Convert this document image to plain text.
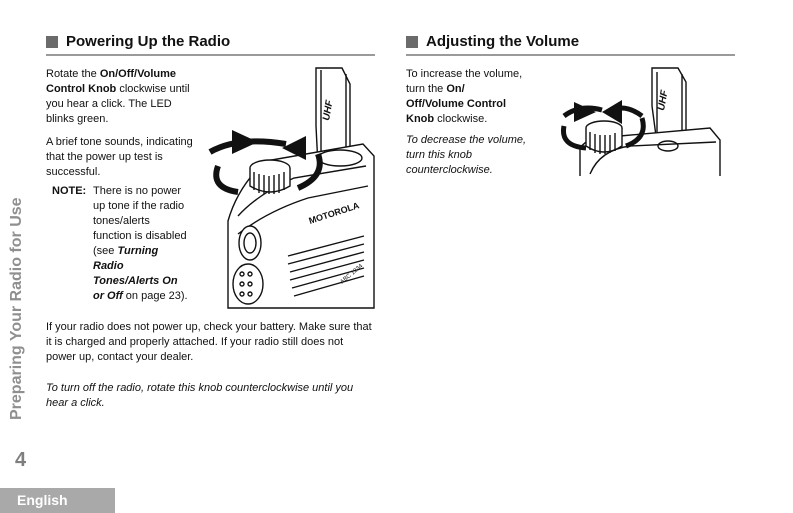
Preparing Your Radio for Use
4
English
Powering Up the Radio
Rotate the On/Off/Volume Control Knob clockwise until you hear a click. The LED blinks green.
A brief tone sounds, indicating that the power up test is successful.
NOTE: There is no power up tone if the radio tones/alerts function is disabled (see Turning Radio Tones/Alerts On or Off on page 23).
If your radio does not power up, check your battery. Make sure that it is charged and properly attached. If your radio still does not power up, contact your dealer.
To turn off the radio, rotate this knob counterclockwise until you hear a click.
UHF
MOTOROLA
ABC 1234
Adjusting the Volume
To increase the volume, turn the On/ Off/Volume Control Knob clockwise.
To decrease the volume, turn this knob counterclockwise.
UHF
